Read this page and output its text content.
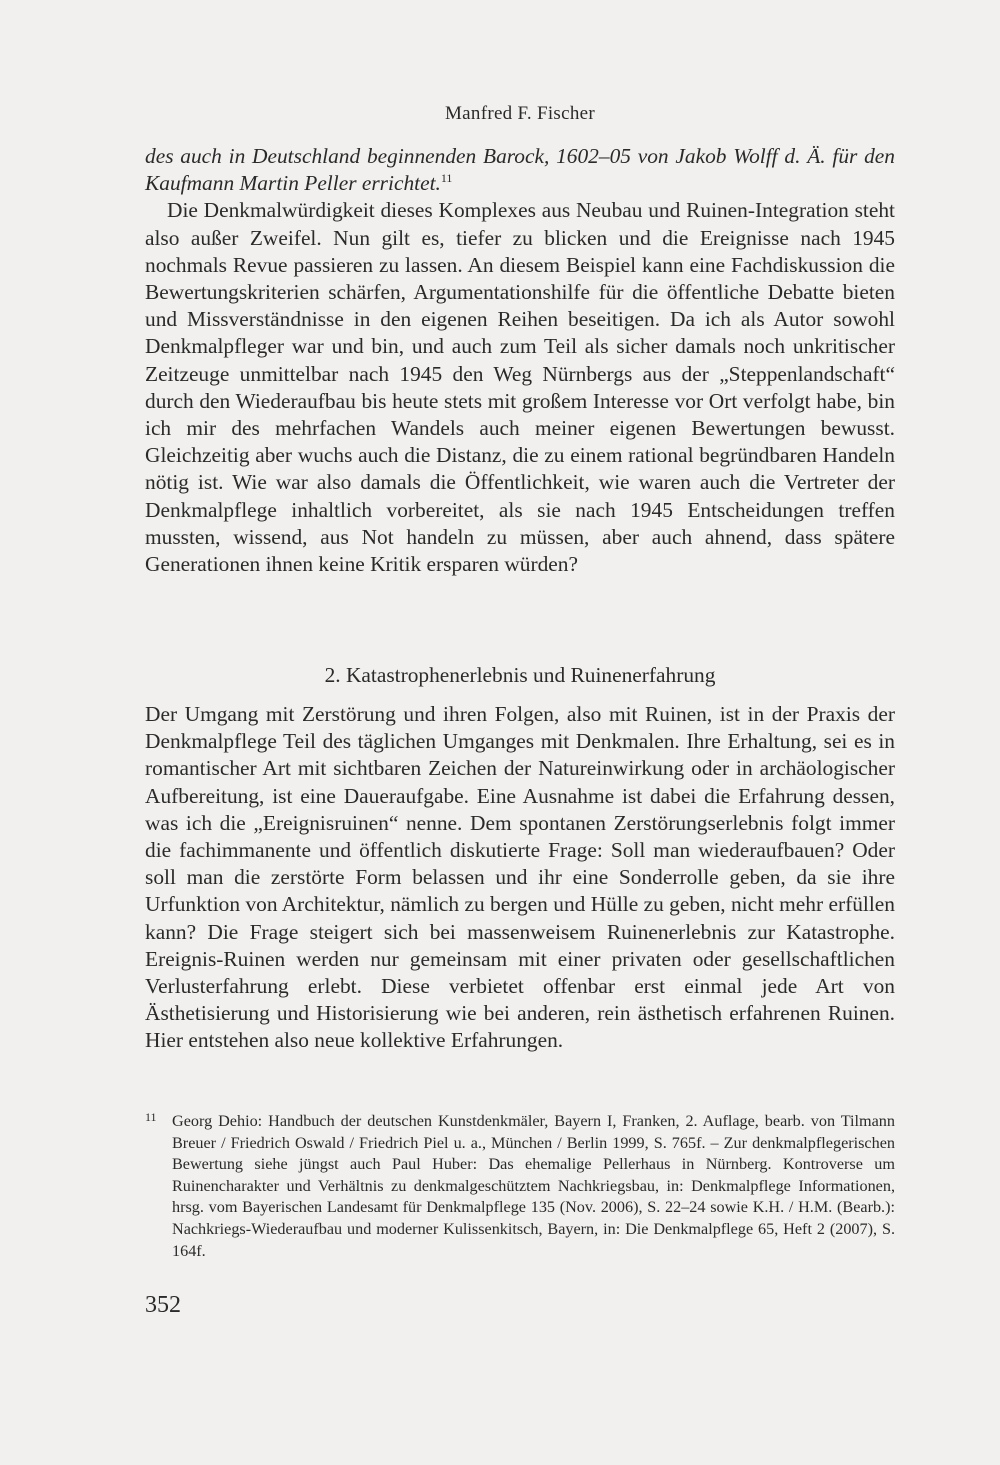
Manfred F. Fischer

des auch in Deutschland beginnenden Barock, 1602–05 von Jakob Wolff d. Ä. für den Kaufmann Martin Peller errichtet.$^{11}$

Die Denkmalwürdigkeit dieses Komplexes aus Neubau und Ruinen-Integration steht also außer Zweifel. Nun gilt es, tiefer zu blicken und die Ereignisse nach 1945 nochmals Revue passieren zu lassen. An diesem Beispiel kann eine Fachdiskussion die Bewertungskriterien schärfen, Argumentationshilfe für die öffentliche Debatte bieten und Missverständnisse in den eigenen Reihen beseitigen. Da ich als Autor sowohl Denkmalpfleger war und bin, und auch zum Teil als sicher damals noch unkritischer Zeitzeuge unmittelbar nach 1945 den Weg Nürnbergs aus der „Steppenlandschaft“ durch den Wiederaufbau bis heute stets mit großem Interesse vor Ort verfolgt habe, bin ich mir des mehrfachen Wandels auch meiner eigenen Bewertungen bewusst. Gleichzeitig aber wuchs auch die Distanz, die zu einem rational begründbaren Handeln nötig ist. Wie war also damals die Öffentlichkeit, wie waren auch die Vertreter der Denkmalpflege inhaltlich vorbereitet, als sie nach 1945 Entscheidungen treffen mussten, wissend, aus Not handeln zu müssen, aber auch ahnend, dass spätere Generationen ihnen keine Kritik ersparen würden?

2. Katastrophenerlebnis und Ruinenerfahrung

Der Umgang mit Zerstörung und ihren Folgen, also mit Ruinen, ist in der Praxis der Denkmalpflege Teil des täglichen Umganges mit Denkmalen. Ihre Erhaltung, sei es in romantischer Art mit sichtbaren Zeichen der Natureinwirkung oder in archäologischer Aufbereitung, ist eine Daueraufgabe. Eine Ausnahme ist dabei die Erfahrung dessen, was ich die „Ereignisruinen“ nenne. Dem spontanen Zerstörungserlebnis folgt immer die fachimmanente und öffentlich diskutierte Frage: Soll man wiederaufbauen? Oder soll man die zerstörte Form belassen und ihr eine Sonderrolle geben, da sie ihre Urfunktion von Architektur, nämlich zu bergen und Hülle zu geben, nicht mehr erfüllen kann? Die Frage steigert sich bei massenweisem Ruinenerlebnis zur Katastrophe. Ereignis-Ruinen werden nur gemeinsam mit einer privaten oder gesellschaftlichen Verlusterfahrung erlebt. Diese verbietet offenbar erst einmal jede Art von Ästhetisierung und Historisierung wie bei anderen, rein ästhetisch erfahrenen Ruinen. Hier entstehen also neue kollektive Erfahrungen.

11 Georg Dehio: Handbuch der deutschen Kunstdenkmäler, Bayern I, Franken, 2. Auflage, bearb. von Tilmann Breuer / Friedrich Oswald / Friedrich Piel u. a., München / Berlin 1999, S. 765f. – Zur denkmalpflegerischen Bewertung siehe jüngst auch Paul Huber: Das ehemalige Pellerhaus in Nürnberg. Kontroverse um Ruinencharakter und Verhältnis zu denkmalgeschütztem Nachkriegsbau, in: Denkmalpflege Informationen, hrsg. vom Bayerischen Landesamt für Denkmalpflege 135 (Nov. 2006), S. 22–24 sowie K.H. / H.M. (Bearb.): Nachkriegs-Wiederaufbau und moderner Kulissenkitsch, Bayern, in: Die Denkmalpflege 65, Heft 2 (2007), S. 164f.
352
